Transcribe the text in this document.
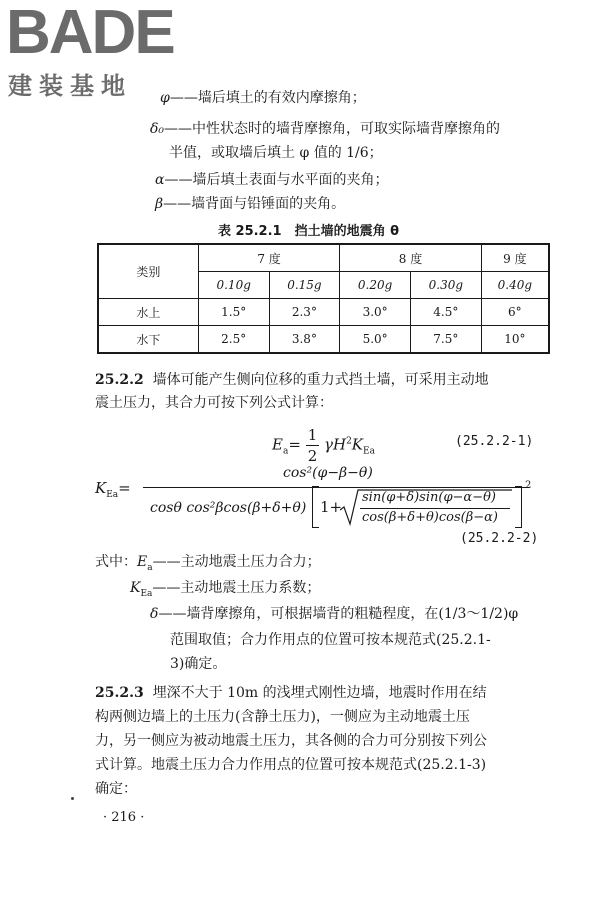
BADE
建装基地 φ——墙后填土的有效内摩擦角；
δ₀——中性状态时的墙背摩擦角，可取实际墙背摩擦角的
半值，或取墙后填土 φ 值的 1/6；
α——墙后填土表面与水平面的夹角；
β——墙背面与铅锤面的夹角。
表 25.2.1　挡土墙的地震角 θ
类别	7 度		8 度		9 度
	0.10g	0.15g	0.20g	0.30g	0.40g
水上	1.5°	2.3°	3.0°	4.5°	6°
水下	2.5°	3.8°	5.0°	7.5°	10°
25.2.2 墙体可能产生侧向位移的重力式挡土墙，可采用主动地
震土压力，其合力可按下列公式计算：
$E_a= \frac{1}{2} \gamma H^2K_{Ea}$
(25.2.2-1)
$K_{Ea}=$
cos²(φ−β−θ)
cosθ cos²βcos(β+δ+θ) 1+
sin(φ+δ)sin(φ−α−θ)
cos(β+δ+θ)cos(β−α)
2
(25.2.2-2)
式中：$E_a——$主动地震土压力合力；
$K_{Ea}——$主动地震土压力系数；
δ——墙背摩擦角，可根据墙背的粗糙程度，在(1/3～1/2)φ
范围取值；合力作用点的位置可按本规范式(25.2.1-
3)确定。
25.2.3 埋深不大于 10m 的浅埋式刚性边墙，地震时作用在结
构两侧边墙上的土压力(含静土压力)，一侧应为主动地震土压
力，另一侧应为被动地震土压力，其各侧的合力可分别按下列公
式计算。地震土压力合力作用点的位置可按本规范式(25.2.1-3)
确定：
· 216 ·
